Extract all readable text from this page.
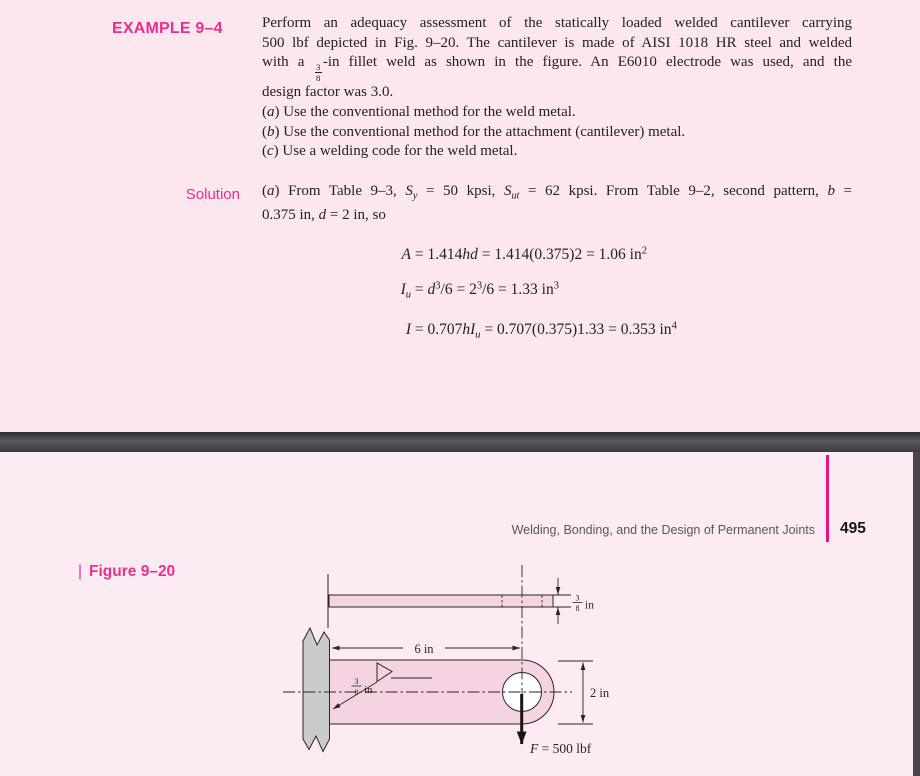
EXAMPLE 9–4	Perform an adequacy assessment of the statically loaded welded cantilever carrying
500 lbf depicted in Fig. 9–20. The cantilever is made of AISI 1018 HR steel and welded
with a $\frac{3}{8} -in$ fillet weld as shown in the figure. An E6010 electrode was used, and the
design factor was 3.0.
(a) Use the conventional method for the weld metal.
(b) Use the conventional method for the attachment (cantilever) metal.
(c) Use a welding code for the weld metal.
Solution (a) From Table 9–3, $S_y = 50$ kpsi, $S_{ut} = 62$ kpsi. From Table 9–2, second pattern, b =
0.375 in, d = 2 in, so
A = 1.414hd = 1.414(0.375)2 = 1.06 $in^2$
$I_u = d^3/6 = 2^3/6 = 1.33$ $in^3$
$I = 0.707hI_u = 0.707(0.375)1.33 = 0.353$ $in^4$
Welding, Bonding, and the Design of Permanent Joints 495
| Figure 9–20
3
8 in
6 in
3
8 in	2 in
F = 500 lbf
